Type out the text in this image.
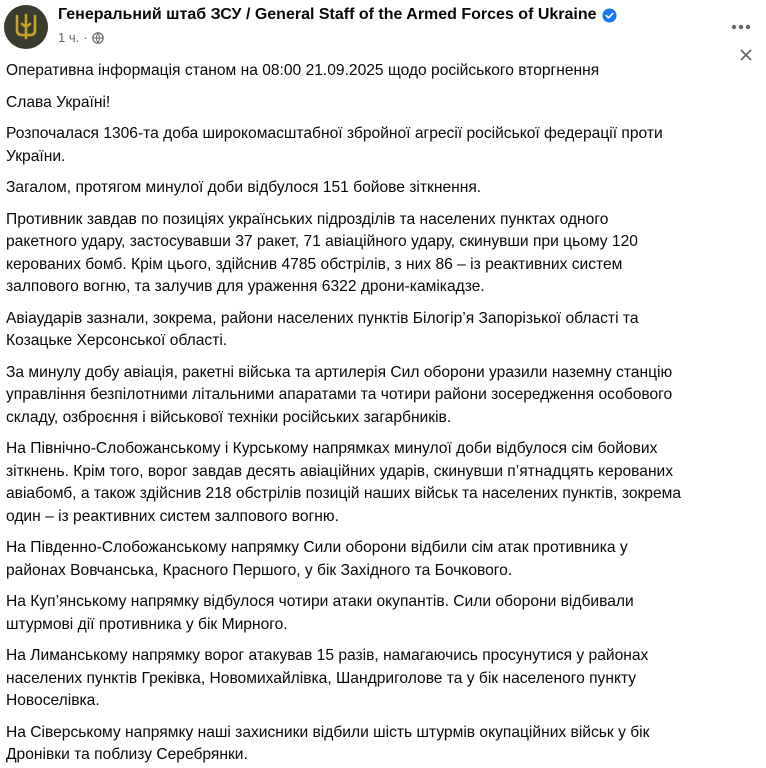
Генеральний штаб ЗСУ / General Staff of the Armed Forces of Ukraine
1 ч. ·

Оперативна інформація станом на 08:00 21.09.2025 щодо російського вторгнення

Слава Україні!

Розпочалася 1306-та доба широкомасштабної збройної агресії російської федерації проти
України.

Загалом, протягом минулої доби відбулося 151 бойове зіткнення.

Противник завдав по позиціях українських підрозділів та населених пунктах одного
ракетного удару, застосувавши 37 ракет, 71 авіаційного удару, скинувши при цьому 120
керованих бомб. Крім цього, здійснив 4785 обстрілів, з них 86 – із реактивних систем
залпового вогню, та залучив для ураження 6322 дрони-камікадзе.

Авіаударів зазнали, зокрема, райони населених пунктів Білогір’я Запорізької області та
Козацьке Херсонської області.

За минулу добу авіація, ракетні війська та артилерія Сил оборони уразили наземну станцію
управління безпілотними літальними апаратами та чотири райони зосередження особового
складу, озброєння і військової техніки російських загарбників.

На Північно-Слобожанському і Курському напрямках минулої доби відбулося сім бойових
зіткнень. Крім того, ворог завдав десять авіаційних ударів, скинувши п’ятнадцять керованих
авіабомб, а також здійснив 218 обстрілів позицій наших військ та населених пунктів, зокрема
один – із реактивних систем залпового вогню.

На Південно-Слобожанському напрямку Сили оборони відбили сім атак противника у
районах Вовчанська, Красного Першого, у бік Західного та Бочкового.

На Куп’янському напрямку відбулося чотири атаки окупантів. Сили оборони відбивали
штурмові дії противника у бік Мирного.

На Лиманському напрямку ворог атакував 15 разів, намагаючись просунутися у районах
населених пунктів Греківка, Новомихайлівка, Шандриголове та у бік населеного пункту
Новоселівка.

На Сіверському напрямку наші захисники відбили шість штурмів окупаційних військ у бік
Дронівки та поблизу Серебрянки.
